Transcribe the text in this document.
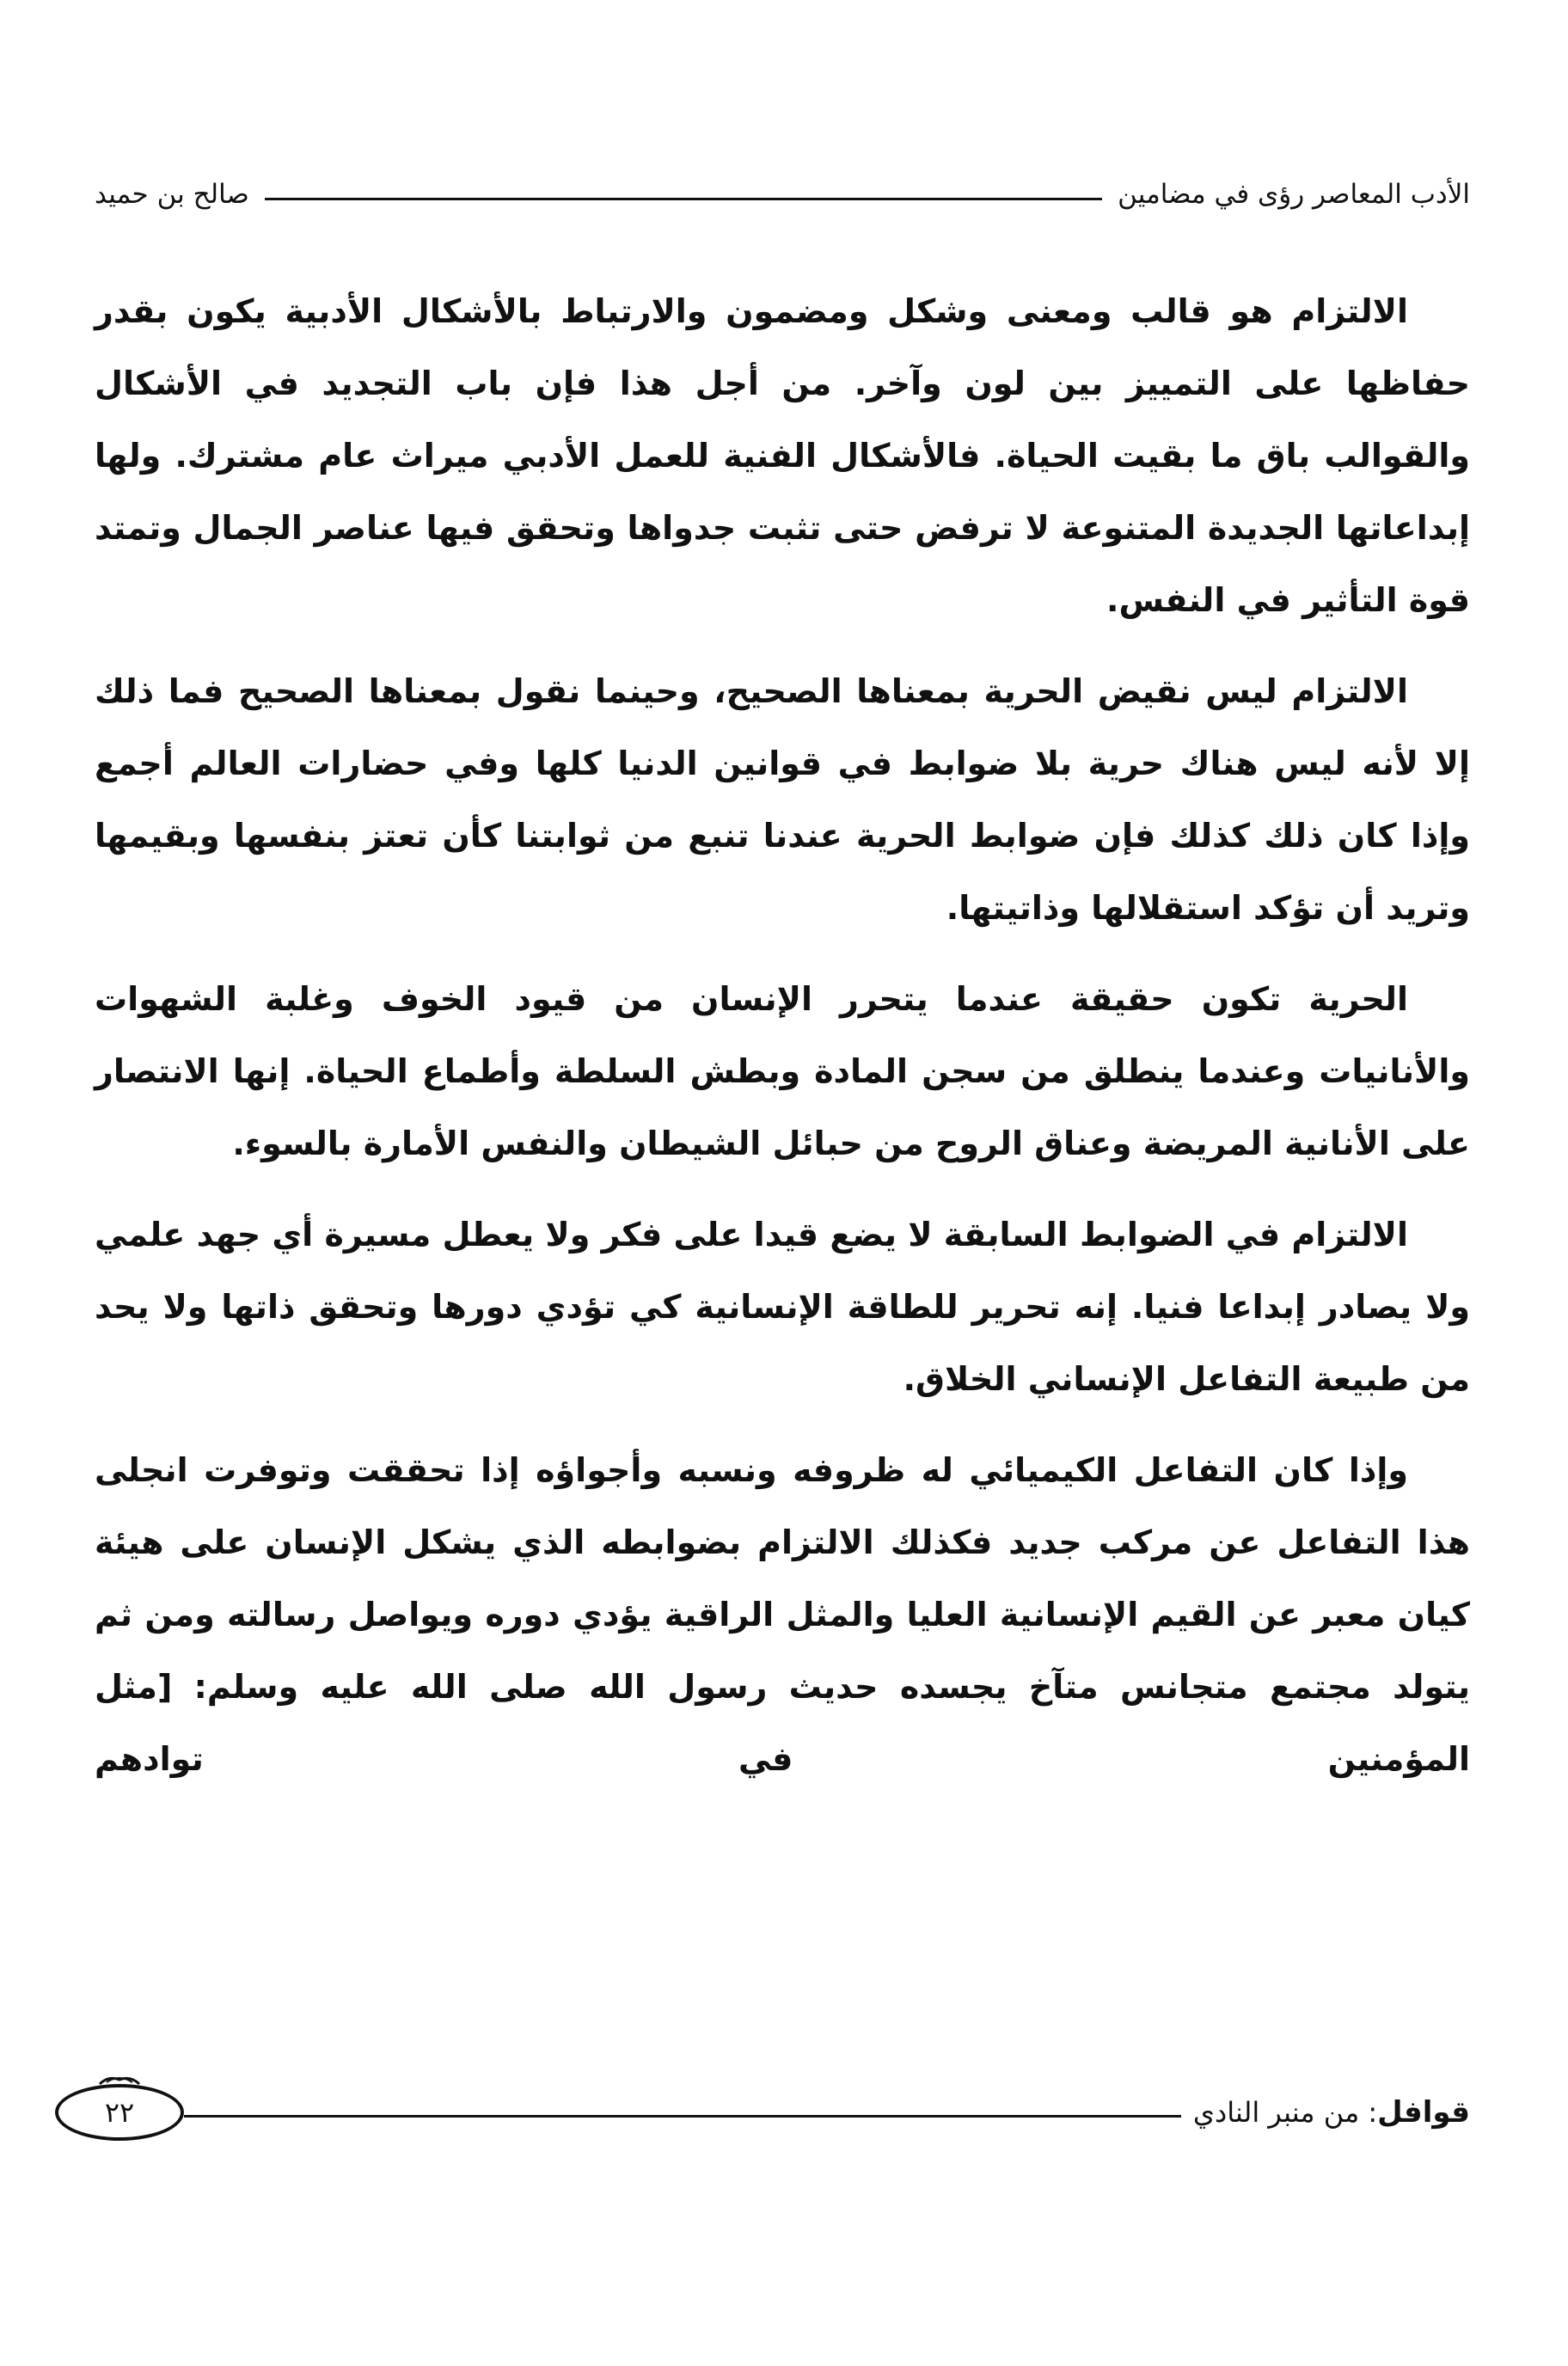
الأدب المعاصر رؤى في مضامين
صالح بن حميد

الالتزام هو قالب ومعنى وشكل ومضمون والارتباط بالأشكال الأدبية يكون بقدر حفاظها على التمييز بين لون وآخر. من أجل هذا فإن باب التجديد في الأشكال والقوالب باق ما بقيت الحياة. فالأشكال الفنية للعمل الأدبي ميراث عام مشترك. ولها إبداعاتها الجديدة المتنوعة لا ترفض حتى تثبت جدواها وتحقق فيها عناصر الجمال وتمتد قوة التأثير في النفس.

الالتزام ليس نقيض الحرية بمعناها الصحيح، وحينما نقول بمعناها الصحيح فما ذلك إلا لأنه ليس هناك حرية بلا ضوابط في قوانين الدنيا كلها وفي حضارات العالم أجمع وإذا كان ذلك كذلك فإن ضوابط الحرية عندنا تنبع من ثوابتنا كأن تعتز بنفسها وبقيمها وتريد أن تؤكد استقلالها وذاتيتها.

الحرية تكون حقيقة عندما يتحرر الإنسان من قيود الخوف وغلبة الشهوات والأنانيات وعندما ينطلق من سجن المادة وبطش السلطة وأطماع الحياة. إنها الانتصار على الأنانية المريضة وعناق الروح من حبائل الشيطان والنفس الأمارة بالسوء.

الالتزام في الضوابط السابقة لا يضع قيدا على فكر ولا يعطل مسيرة أي جهد علمي ولا يصادر إبداعا فنيا. إنه تحرير للطاقة الإنسانية كي تؤدي دورها وتحقق ذاتها ولا يحد من طبيعة التفاعل الإنساني الخلاق.

وإذا كان التفاعل الكيميائي له ظروفه ونسبه وأجواؤه إذا تحققت وتوفرت انجلى هذا التفاعل عن مركب جديد فكذلك الالتزام بضوابطه الذي يشكل الإنسان على هيئة كيان معبر عن القيم الإنسانية العليا والمثل الراقية يؤدي دوره ويواصل رسالته ومن ثم يتولد مجتمع متجانس متآخ يجسده حديث رسول الله صلى الله عليه وسلم: [مثل المؤمنين في توادهم

قوافل: من منبر النادي
٢٢
